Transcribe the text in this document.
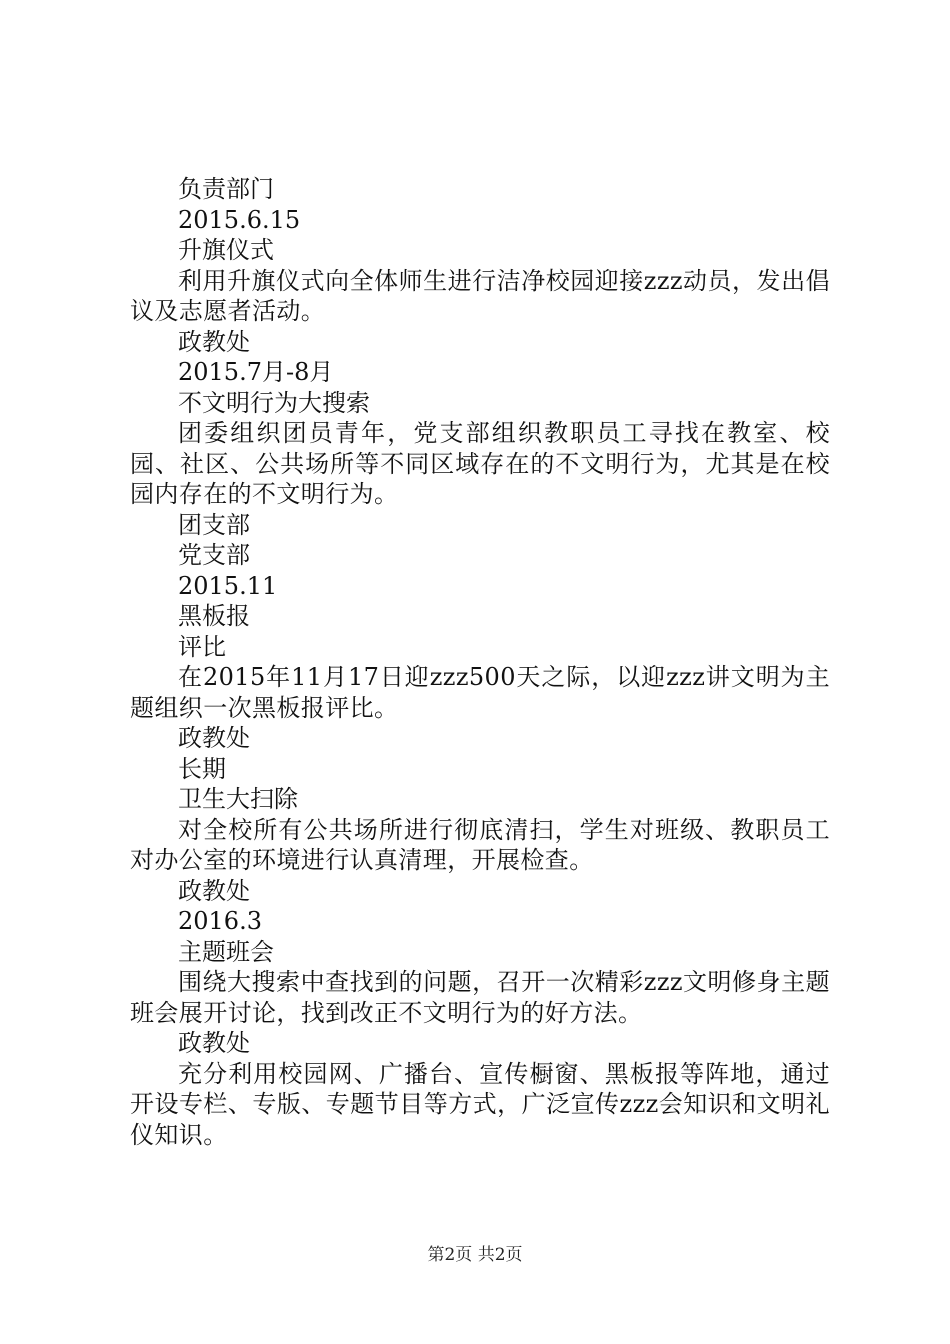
负责部门
2015.6.15
升旗仪式
利用升旗仪式向全体师生进行洁净校园迎接zzz动员，发出倡议及志愿者活动。
政教处
2015.7月-8月
不文明行为大搜索
团委组织团员青年，党支部组织教职员工寻找在教室、校园、社区、公共场所等不同区域存在的不文明行为，尤其是在校园内存在的不文明行为。
团支部
党支部
2015.11
黑板报
评比
在2015年11月17日迎zzz500天之际，以迎zzz讲文明为主题组织一次黑板报评比。
政教处
长期
卫生大扫除
对全校所有公共场所进行彻底清扫，学生对班级、教职员工对办公室的环境进行认真清理，开展检查。
政教处
2016.3
主题班会
围绕大搜索中查找到的问题，召开一次精彩zzz文明修身主题班会展开讨论，找到改正不文明行为的好方法。
政教处
充分利用校园网、广播台、宣传橱窗、黑板报等阵地，通过开设专栏、专版、专题节目等方式，广泛宣传zzz会知识和文明礼仪知识。
第2页 共2页
